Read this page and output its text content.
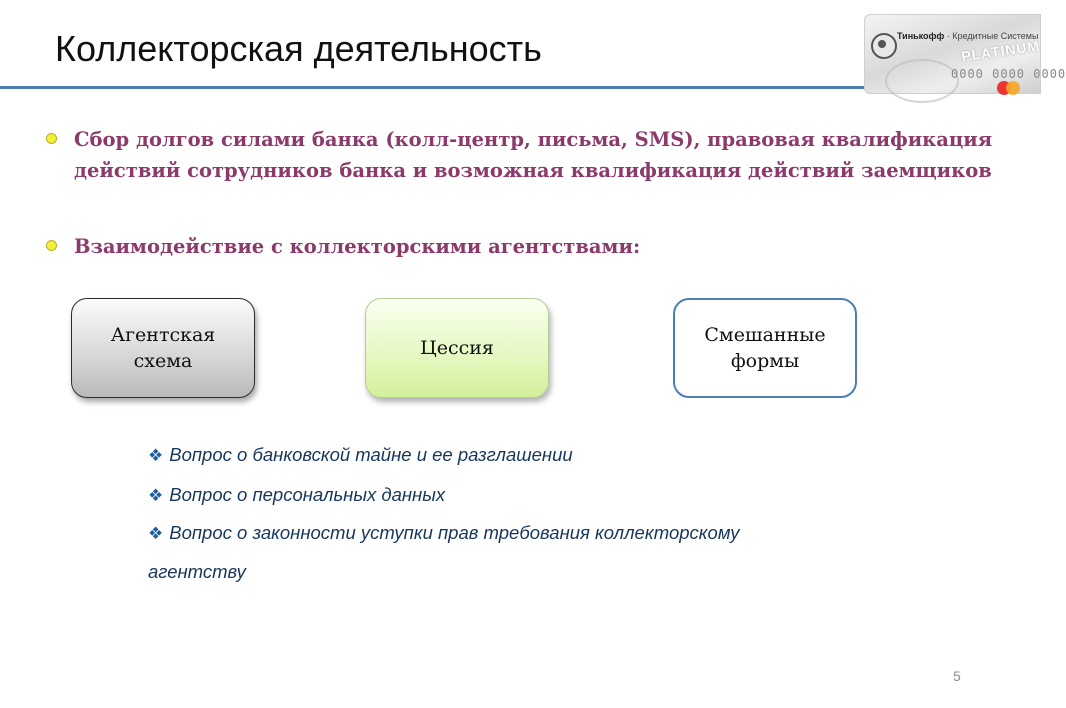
Коллекторская деятельность	Тинькофф · Кредитные Системы
PLATINUM
0000 0000 0000
Сбор долгов силами банка (колл-центр, письма, SMS), правовая квалификация действий сотрудников банка и возможная квалификация действий заемщиков
Взаимодействие с коллекторскими агентствами:
Агентская
схема
Цессия
Смешанные
формы
❖ Вопрос о банковской тайне и ее разглашении
❖ Вопрос о персональных данных
❖ Вопрос о законности уступки прав требования коллекторскому
агентству
5
